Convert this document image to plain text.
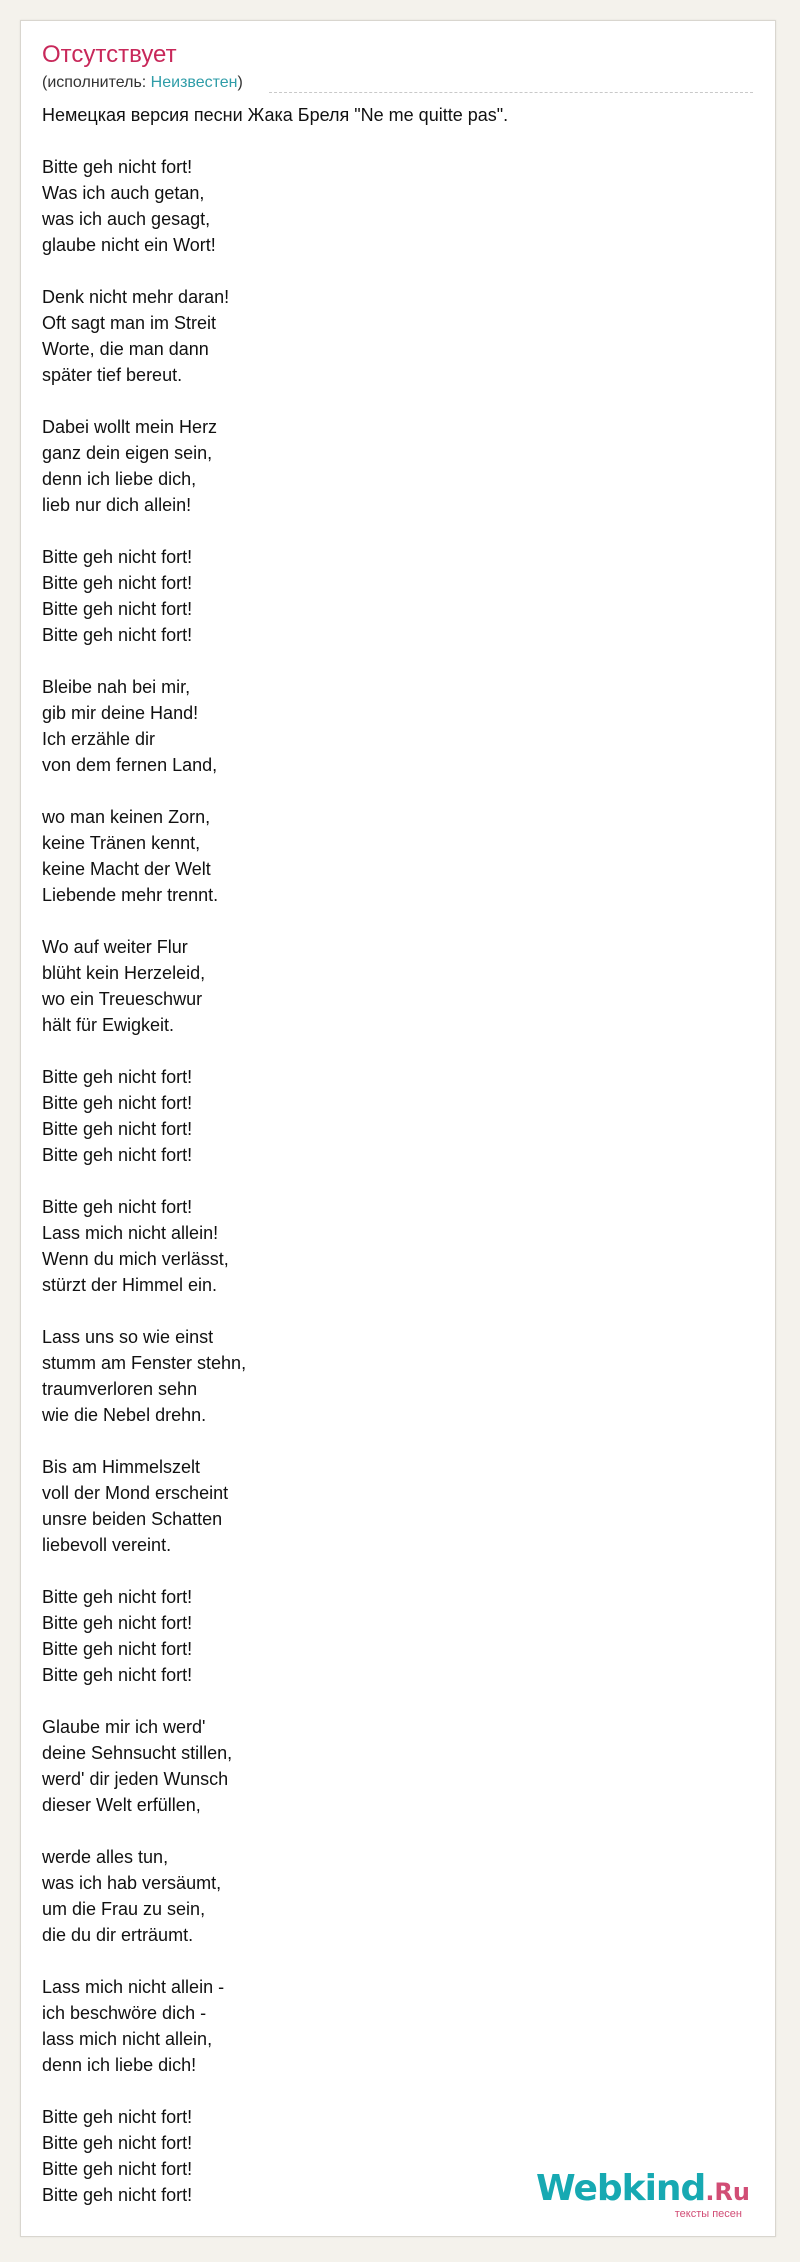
Отсутствует
(исполнитель: Неизвестен)

Немецкая версия песни Жака Бреля "Ne me quitte pas".

Bitte geh nicht fort!

Was ich auch getan,

was ich auch gesagt,

glaube nicht ein Wort!

Denk nicht mehr daran!

Oft sagt man im Streit

Worte, die man dann

später tief bereut.

Dabei wollt mein Herz

ganz dein eigen sein,

denn ich liebe dich,

lieb nur dich allein!

Bitte geh nicht fort!

Bitte geh nicht fort!

Bitte geh nicht fort!

Bitte geh nicht fort!

Bleibe nah bei mir,

gib mir deine Hand!

Ich erzähle dir

von dem fernen Land,

wo man keinen Zorn,

keine Tränen kennt,

keine Macht der Welt

Liebende mehr trennt.

Wo auf weiter Flur

blüht kein Herzeleid,

wo ein Treueschwur

hält für Ewigkeit.

Bitte geh nicht fort!

Bitte geh nicht fort!

Bitte geh nicht fort!

Bitte geh nicht fort!

Bitte geh nicht fort!

Lass mich nicht allein!

Wenn du mich verlässt,

stürzt der Himmel ein.

Lass uns so wie einst

stumm am Fenster stehn,

traumverloren sehn

wie die Nebel drehn.

Bis am Himmelszelt

voll der Mond erscheint

unsre beiden Schatten

liebevoll vereint.

Bitte geh nicht fort!

Bitte geh nicht fort!

Bitte geh nicht fort!

Bitte geh nicht fort!

Glaube mir ich werd'

deine Sehnsucht stillen,

werd' dir jeden Wunsch

dieser Welt erfüllen,

werde alles tun,

was ich hab versäumt,

um die Frau zu sein,

die du dir erträumt.

Lass mich nicht allein -

ich beschwöre dich -

lass mich nicht allein,

denn ich liebe dich!

Bitte geh nicht fort!

Bitte geh nicht fort!

Bitte geh nicht fort!

Bitte geh nicht fort!	Webkind.Ru
тексты песен
